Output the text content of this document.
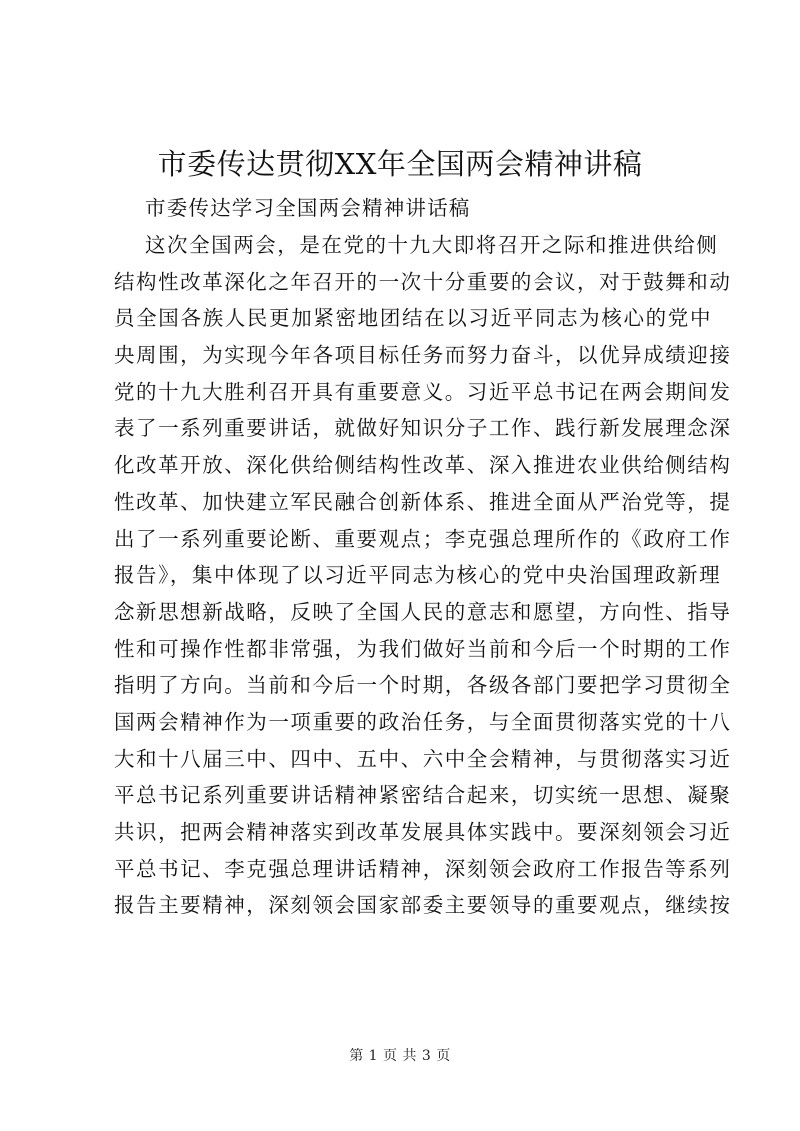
市委传达贯彻XX年全国两会精神讲稿
市委传达学习全国两会精神讲话稿
这次全国两会，是在党的十九大即将召开之际和推进供给侧
结构性改革深化之年召开的一次十分重要的会议，对于鼓舞和动
员全国各族人民更加紧密地团结在以习近平同志为核心的党中
央周围，为实现今年各项目标任务而努力奋斗，以优异成绩迎接
党的十九大胜利召开具有重要意义。习近平总书记在两会期间发
表了一系列重要讲话，就做好知识分子工作、践行新发展理念深
化改革开放、深化供给侧结构性改革、深入推进农业供给侧结构
性改革、加快建立军民融合创新体系、推进全面从严治党等，提
出了一系列重要论断、重要观点；李克强总理所作的《政府工作
报告》，集中体现了以习近平同志为核心的党中央治国理政新理
念新思想新战略，反映了全国人民的意志和愿望，方向性、指导
性和可操作性都非常强，为我们做好当前和今后一个时期的工作
指明了方向。当前和今后一个时期，各级各部门要把学习贯彻全
国两会精神作为一项重要的政治任务，与全面贯彻落实党的十八
大和十八届三中、四中、五中、六中全会精神，与贯彻落实习近
平总书记系列重要讲话精神紧密结合起来，切实统一思想、凝聚
共识，把两会精神落实到改革发展具体实践中。要深刻领会习近
平总书记、李克强总理讲话精神，深刻领会政府工作报告等系列
报告主要精神，深刻领会国家部委主要领导的重要观点，继续按
第 1 页 共 3 页
